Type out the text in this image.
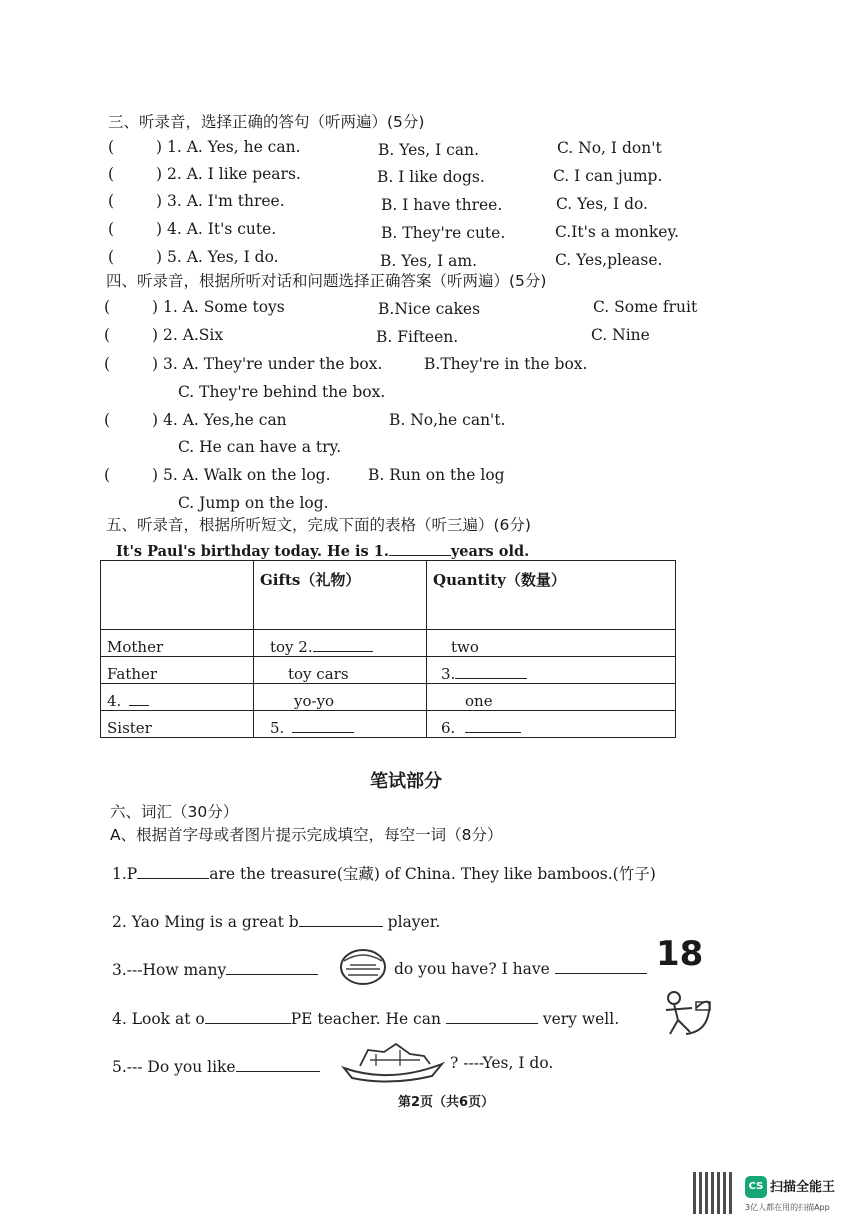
三、听录音，选择正确的答句（听两遍）(5分)
(	) 1. A. Yes, he can.	B. Yes, I can.	C. No, I don't
(	) 2. A. I like pears.	B. I like dogs.	C. I can jump.
(	) 3. A. I'm three.	B. I have three.	C. Yes, I do.
(	) 4. A. It's cute.	B. They're cute.	C.It's a monkey.
(	) 5. A. Yes, I do.	B. Yes, I am.	C. Yes,please.
四、听录音，根据所听对话和问题选择正确答案（听两遍）(5分)
(	) 1. A. Some toys	B.Nice cakes	C. Some fruit
(	) 2. A.Six	B. Fifteen.	C. Nine
(	) 3. A. They're under the box.	B.They're in the box.
C. They're behind the box.
(	) 4. A. Yes,he can	B. No,he can't.
C. He can have a try.
(	) 5. A. Walk on the log. B. Run on the log
C. Jump on the log.
五、听录音，根据所听短文，完成下面的表格（听三遍）(6分)
It's Paul's birthday today. He is 1.	years old.
	Gifts（礼物）	Quantity（数量）
Mother	toy 2.	two
Father	toy cars	3.
4.	yo-yo	one
Sister	5.	6.
笔试部分
六、词汇（30分）
A、根据首字母或者图片提示完成填空，每空一词（8分）
1.P	are the treasure(宝藏) of China. They like bamboos.(竹子)
2. Yao Ming is a great b	player.
3.---How many	do you have? I have	18
4. Look at o	PE teacher. He can	very well.
5.--- Do you like	? ----Yes, I do.
第2页（共6页）
CS 扫描全能王
3亿人都在用的扫描App
